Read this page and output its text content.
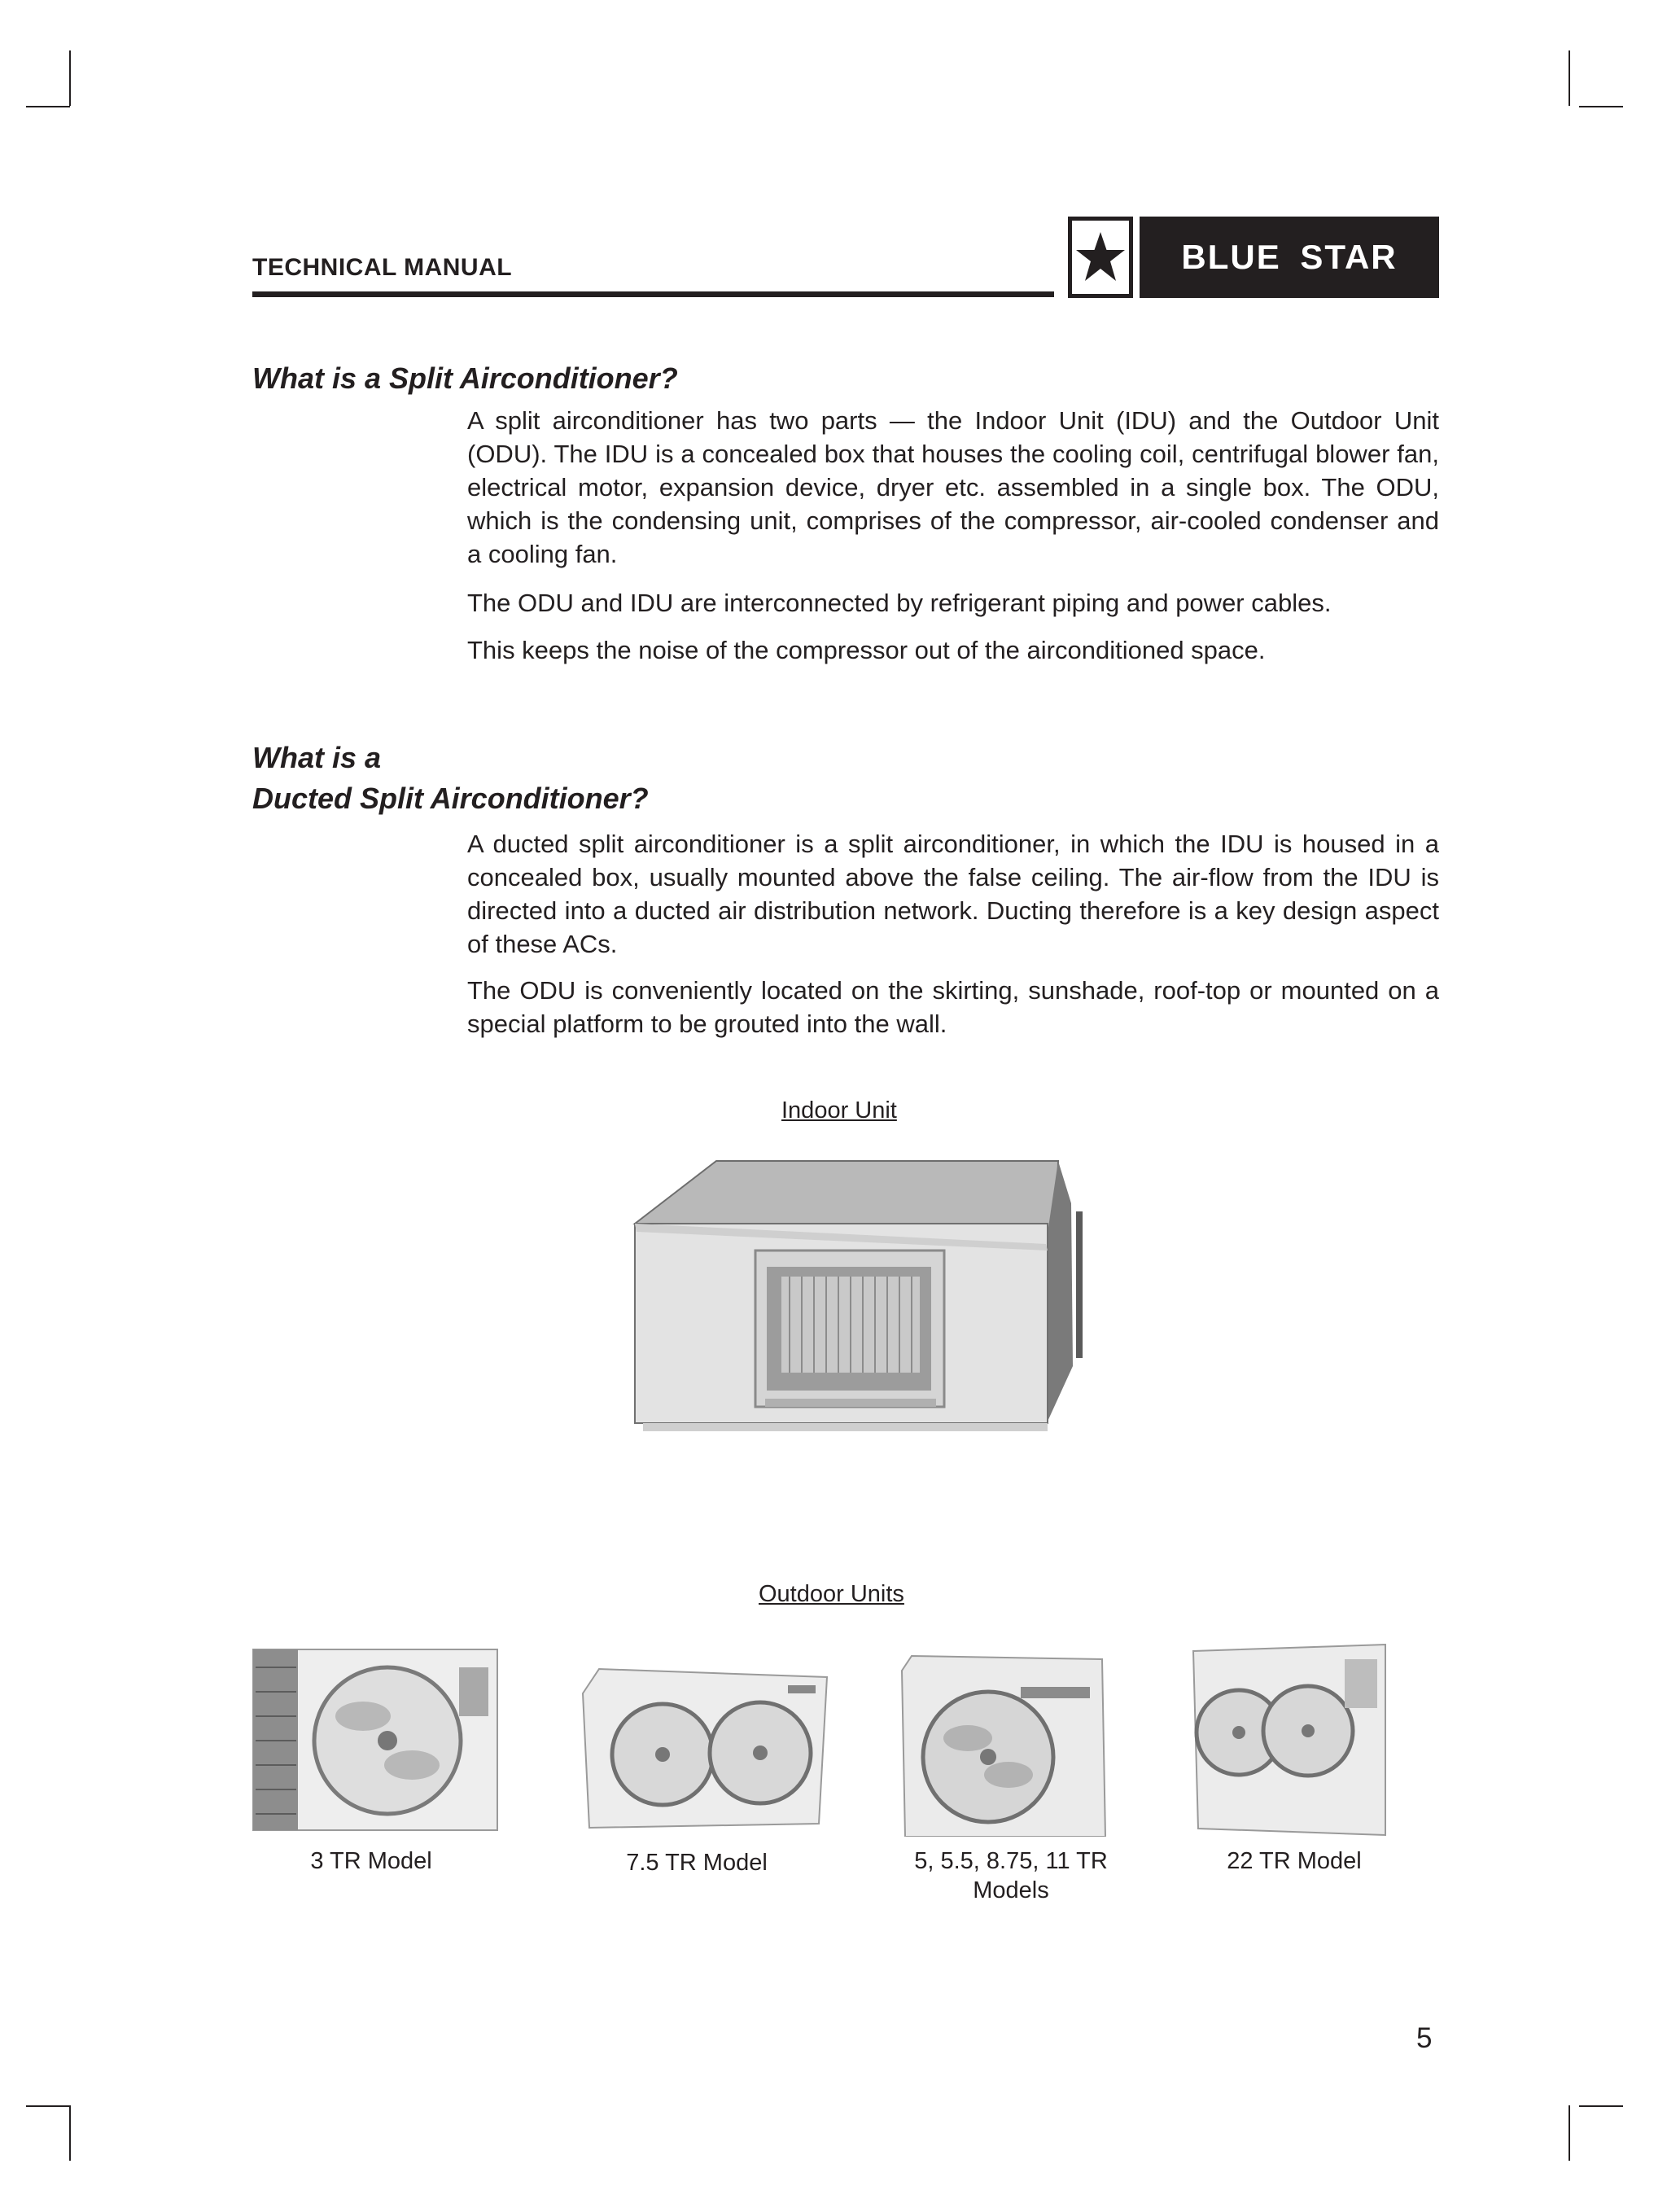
TECHNICAL MANUAL	BLUE STAR
What is a Split Airconditioner?

A split airconditioner has two parts — the Indoor Unit (IDU) and the Outdoor Unit (ODU). The IDU is a concealed box that houses the cooling coil, centrifugal blower fan, electrical motor, expansion device, dryer etc. assembled in a single box. The ODU, which is the condensing unit, comprises of the compressor, air-cooled condenser and a cooling fan.

The ODU and IDU are interconnected by refrigerant piping and power cables.

This keeps the noise of the compressor out of the airconditioned space.

What is a
Ducted Split Airconditioner?

A ducted split airconditioner is a split airconditioner, in which the IDU is housed in a concealed box, usually mounted above the false ceiling. The air-flow from the IDU is directed into a ducted air distribution network. Ducting therefore is a key design aspect of these ACs.

The ODU is conveniently located on the skirting, sunshade, roof-top or mounted on a special platform to be grouted into the wall.

Indoor Unit
Outdoor Units
3 TR Model	7.5 TR Model	5, 5.5, 8.75, 11 TR
Models
22 TR Model
5
